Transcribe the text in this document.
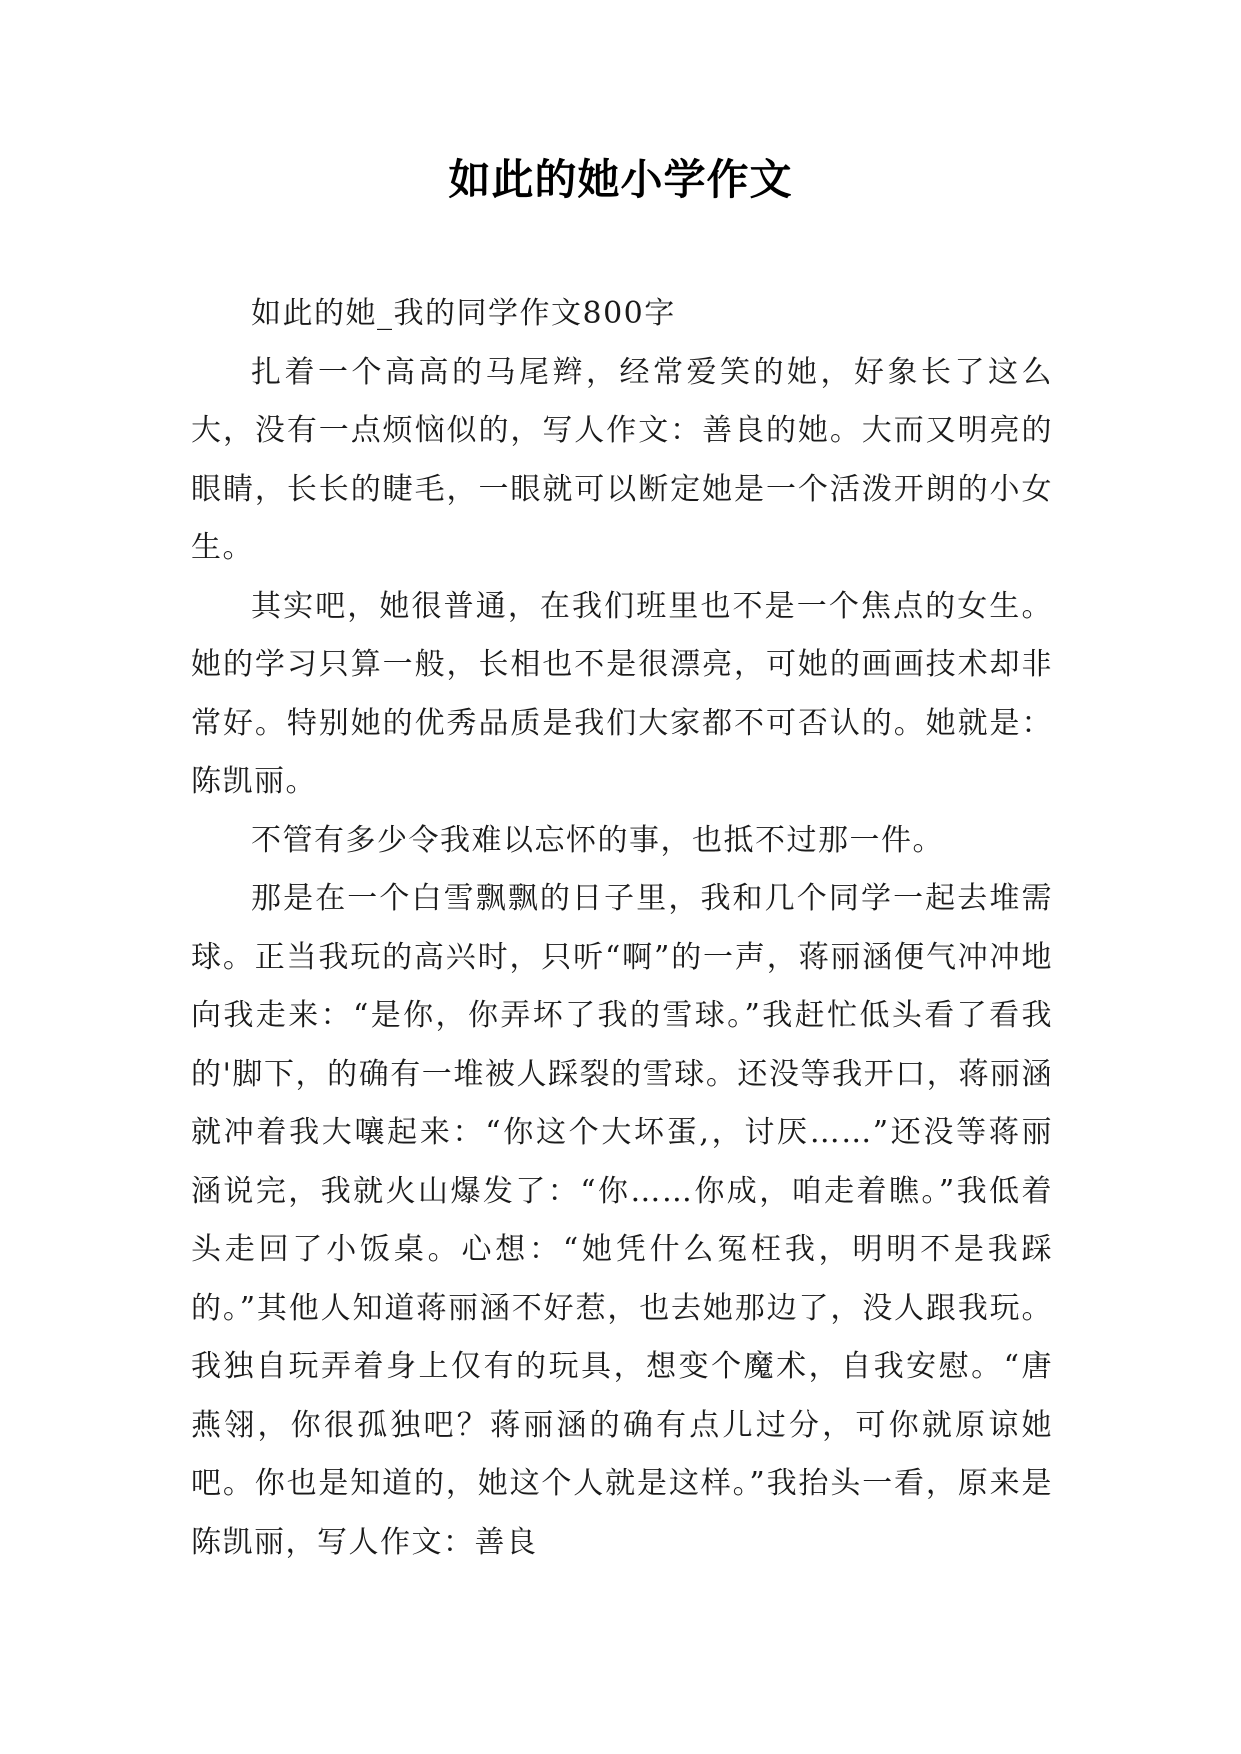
如此的她小学作文

如此的她_我的同学作文800字

扎着一个高高的马尾辫，经常爱笑的她，好象长了这么大，没有一点烦恼似的，写人作文：善良的她。大而又明亮的眼睛，长长的睫毛，一眼就可以断定她是一个活泼开朗的小女生。

其实吧，她很普通，在我们班里也不是一个焦点的女生。她的学习只算一般，长相也不是很漂亮，可她的画画技术却非常好。特别她的优秀品质是我们大家都不可否认的。她就是：陈凯丽。

不管有多少令我难以忘怀的事，也抵不过那一件。

那是在一个白雪飘飘的日子里，我和几个同学一起去堆需球。正当我玩的高兴时，只听“啊”的一声，蒋丽涵便气冲冲地向我走来：“是你，你弄坏了我的雪球。”我赶忙低头看了看我的'脚下，的确有一堆被人踩裂的雪球。还没等我开口，蒋丽涵就冲着我大嚷起来：“你这个大坏蛋,，讨厌……”还没等蒋丽涵说完，我就火山爆发了：“你……你成，咱走着瞧。”我低着头走回了小饭桌。心想：“她凭什么冤枉我，明明不是我踩的。”其他人知道蒋丽涵不好惹，也去她那边了，没人跟我玩。我独自玩弄着身上仅有的玩具，想变个魔术，自我安慰。“唐燕翎，你很孤独吧？蒋丽涵的确有点儿过分，可你就原谅她吧。你也是知道的，她这个人就是这样。”我抬头一看，原来是陈凯丽，写人作文：善良
